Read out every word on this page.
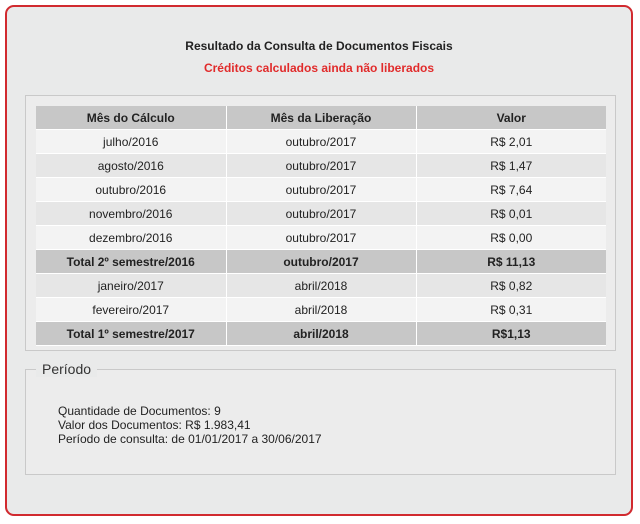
Resultado da Consulta de Documentos Fiscais
Créditos calculados ainda não liberados
Mês do Cálculo	Mês da Liberação	Valor
julho/2016	outubro/2017	R$ 2,01
agosto/2016	outubro/2017	R$ 1,47
outubro/2016	outubro/2017	R$ 7,64
novembro/2016	outubro/2017	R$ 0,01
dezembro/2016	outubro/2017	R$ 0,00
Total 2º semestre/2016	outubro/2017	R$ 11,13
janeiro/2017	abril/2018	R$ 0,82
fevereiro/2017	abril/2018	R$ 0,31
Total 1º semestre/2017	abril/2018	R$1,13
Período
Quantidade de Documentos: 9
Valor dos Documentos: R$ 1.983,41
Período de consulta: de 01/01/2017 a 30/06/2017
